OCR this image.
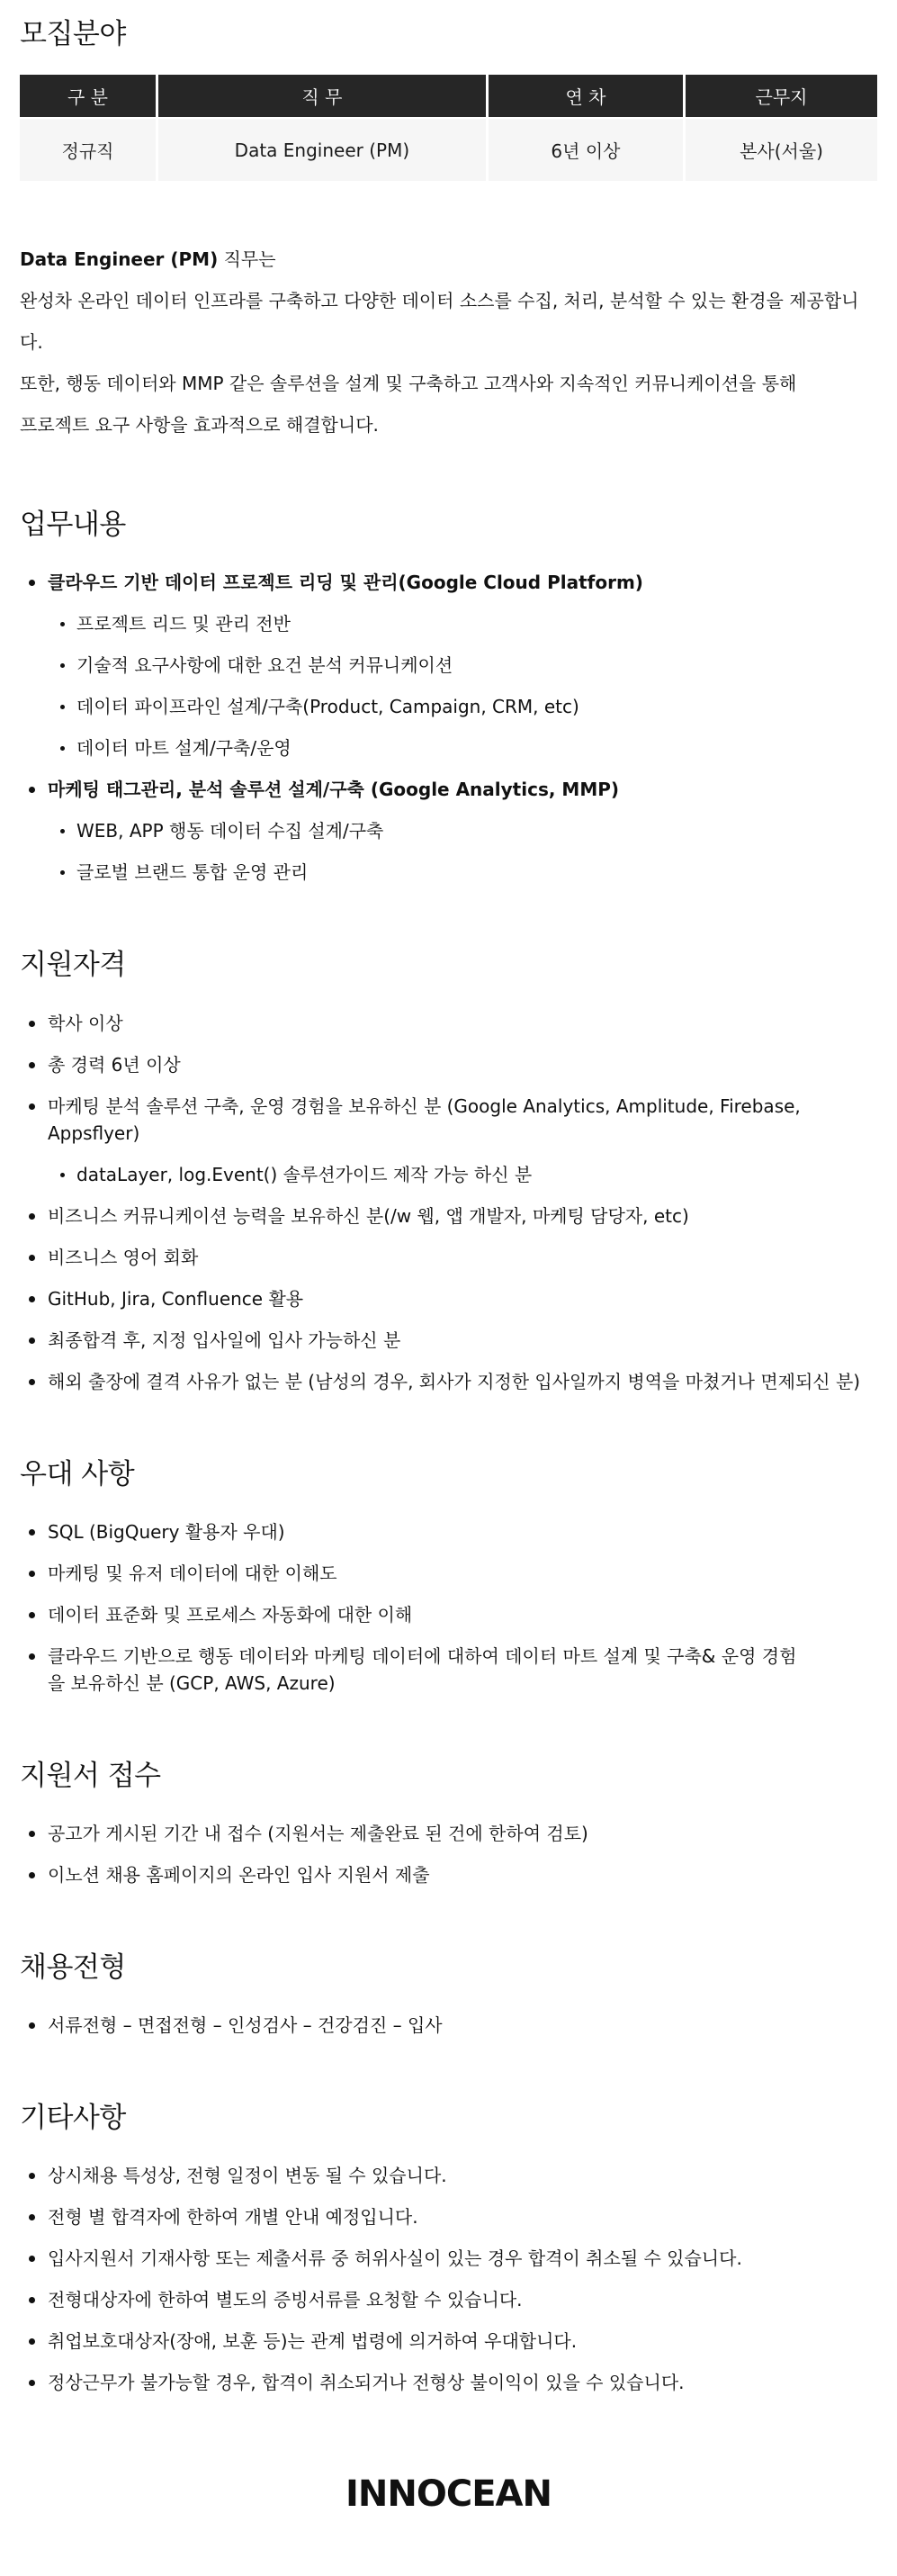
모집분야
구 분	직 무	연 차	근무지
정규직	Data Engineer (PM)	6년 이상	본사(서울)

Data Engineer (PM) 직무는

완성차 온라인 데이터 인프라를 구축하고 다양한 데이터 소스를 수집, 처리, 분석할 수 있는 환경을 제공합니다.

또한, 행동 데이터와 MMP 같은 솔루션을 설계 및 구축하고 고객사와 지속적인 커뮤니케이션을 통해

프로젝트 요구 사항을 효과적으로 해결합니다.

업무내용
클라우드 기반 데이터 프로젝트 리딩 및 관리(Google Cloud Platform)
프로젝트 리드 및 관리 전반
기술적 요구사항에 대한 요건 분석 커뮤니케이션
데이터 파이프라인 설계/구축(Product, Campaign, CRM, etc)
데이터 마트 설계/구축/운영
마케팅 태그관리, 분석 솔루션 설계/구축 (Google Analytics, MMP)
WEB, APP 행동 데이터 수집 설계/구축
글로벌 브랜드 통합 운영 관리
지원자격
학사 이상
총 경력 6년 이상
마케팅 분석 솔루션 구축, 운영 경험을 보유하신 분 (Google Analytics, Amplitude, Firebase, Appsflyer)
dataLayer, log.Event() 솔루션가이드 제작 가능 하신 분
비즈니스 커뮤니케이션 능력을 보유하신 분(/w 웹, 앱 개발자, 마케팅 담당자, etc)
비즈니스 영어 회화
GitHub, Jira, Confluence 활용
최종합격 후, 지정 입사일에 입사 가능하신 분
해외 출장에 결격 사유가 없는 분 (남성의 경우, 회사가 지정한 입사일까지 병역을 마쳤거나 면제되신 분)
우대 사항
SQL (BigQuery 활용자 우대)
마케팅 및 유저 데이터에 대한 이해도
데이터 표준화 및 프로세스 자동화에 대한 이해
클라우드 기반으로 행동 데이터와 마케팅 데이터에 대하여 데이터 마트 설계 및 구축& 운영 경험을 보유하신 분 (GCP, AWS, Azure)
지원서 접수
공고가 게시된 기간 내 접수 (지원서는 제출완료 된 건에 한하여 검토)
이노션 채용 홈페이지의 온라인 입사 지원서 제출
채용전형
서류전형 – 면접전형 – 인성검사 – 건강검진 – 입사
기타사항
상시채용 특성상, 전형 일정이 변동 될 수 있습니다.
전형 별 합격자에 한하여 개별 안내 예정입니다.
입사지원서 기재사항 또는 제출서류 중 허위사실이 있는 경우 합격이 취소될 수 있습니다.
전형대상자에 한하여 별도의 증빙서류를 요청할 수 있습니다.
취업보호대상자(장애, 보훈 등)는 관계 법령에 의거하여 우대합니다.
정상근무가 불가능할 경우, 합격이 취소되거나 전형상 불이익이 있을 수 있습니다.
INNOCEAN
